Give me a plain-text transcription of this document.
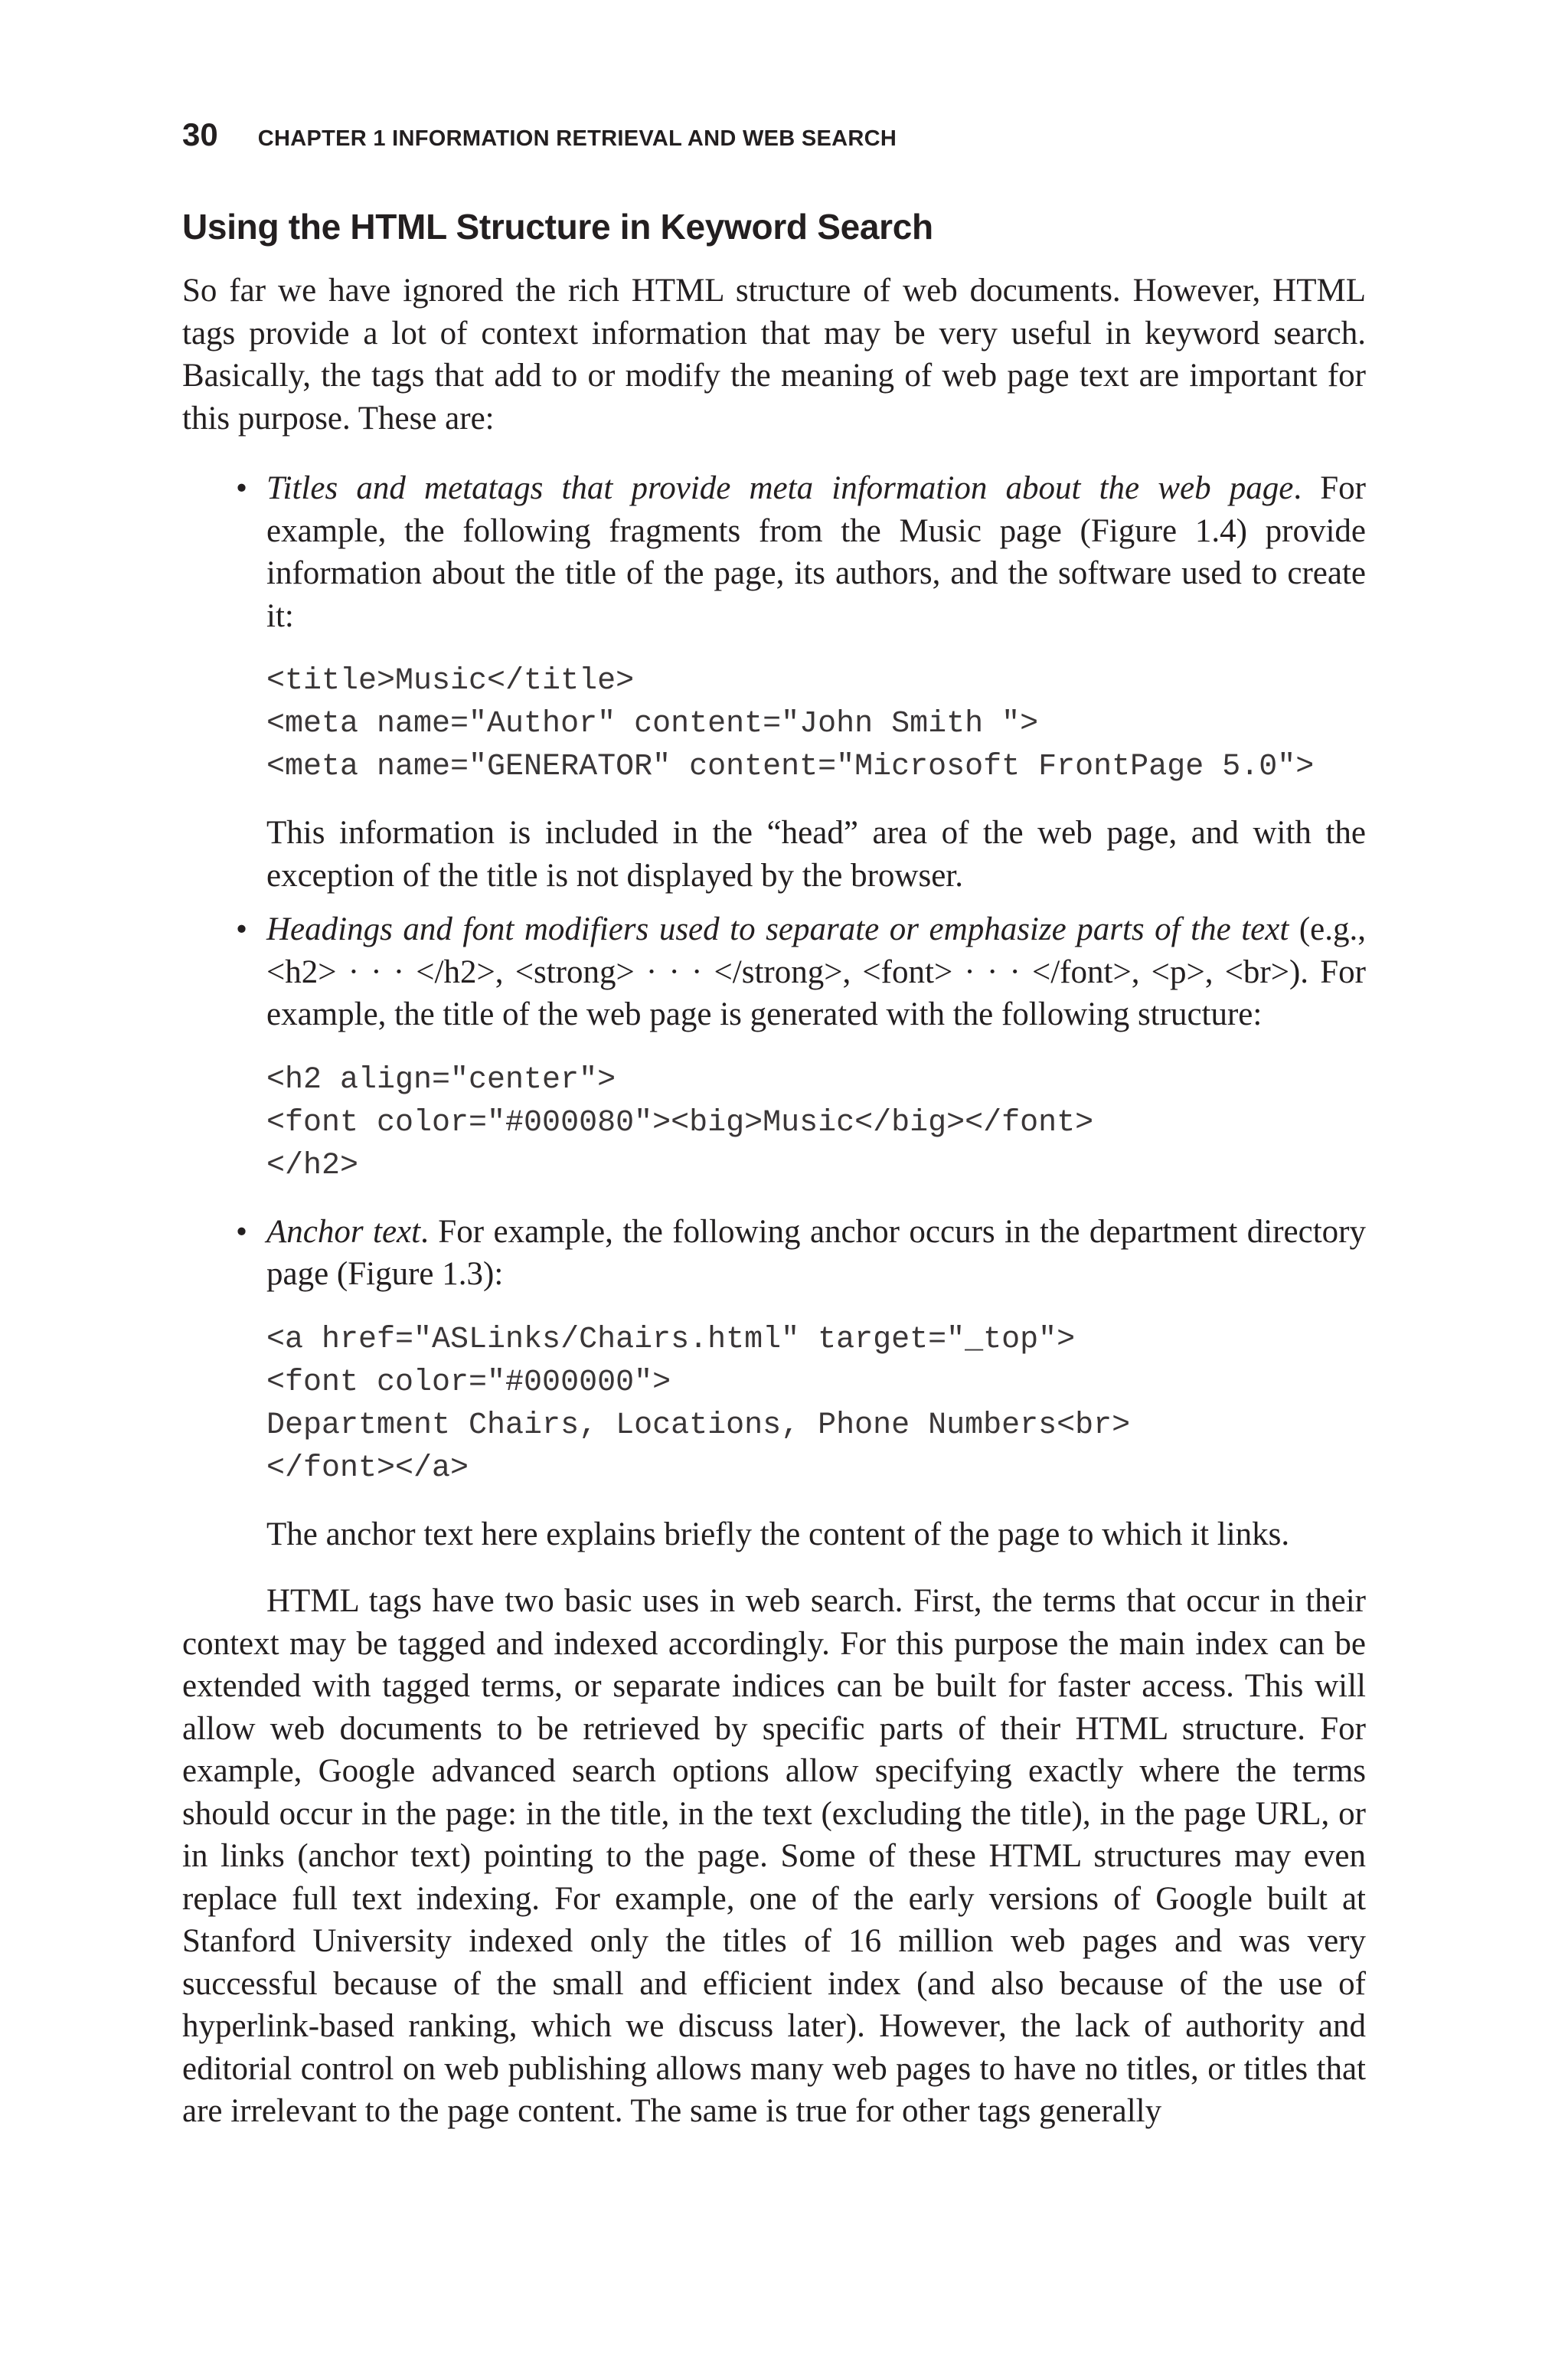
30 CHAPTER 1 INFORMATION RETRIEVAL AND WEB SEARCH
Using the HTML Structure in Keyword Search

So far we have ignored the rich HTML structure of web documents. However, HTML tags provide a lot of context information that may be very useful in keyword search. Basically, the tags that add to or modify the meaning of web page text are important for this purpose. These are:

• Titles and metatags that provide meta information about the web page. For example, the following fragments from the Music page (Figure 1.4) provide information about the title of the page, its authors, and the software used to create it:

<title>Music</title>
<meta name="Author" content="John Smith ">
<meta name="GENERATOR" content="Microsoft FrontPage 5.0">

This information is included in the “head” area of the web page, and with the exception of the title is not displayed by the browser.

• Headings and font modifiers used to separate or emphasize parts of the text (e.g., <h2> · · · </h2>, <strong> · · · </strong>, <font> · · · </font>, <p>, <br>). For example, the title of the web page is generated with the following structure:

<h2 align="center">
<font color="#000080"><big>Music</big></font>
</h2>
• Anchor text. For example, the following anchor occurs in the department directory page (Figure 1.3):

<a href="ASLinks/Chairs.html" target="_top">
<font color="#000000">
Department Chairs, Locations, Phone Numbers<br>
</font></a>

The anchor text here explains briefly the content of the page to which it links.

HTML tags have two basic uses in web search. First, the terms that occur in their context may be tagged and indexed accordingly. For this purpose the main index can be extended with tagged terms, or separate indices can be built for faster access. This will allow web documents to be retrieved by specific parts of their HTML structure. For example, Google advanced search options allow specifying exactly where the terms should occur in the page: in the title, in the text (excluding the title), in the page URL, or in links (anchor text) pointing to the page. Some of these HTML structures may even replace full text indexing. For example, one of the early versions of Google built at Stanford University indexed only the titles of 16 million web pages and was very successful because of the small and efficient index (and also because of the use of hyperlink-based ranking, which we discuss later). However, the lack of authority and editorial control on web publishing allows many web pages to have no titles, or titles that are irrelevant to the page content. The same is true for other tags generally
